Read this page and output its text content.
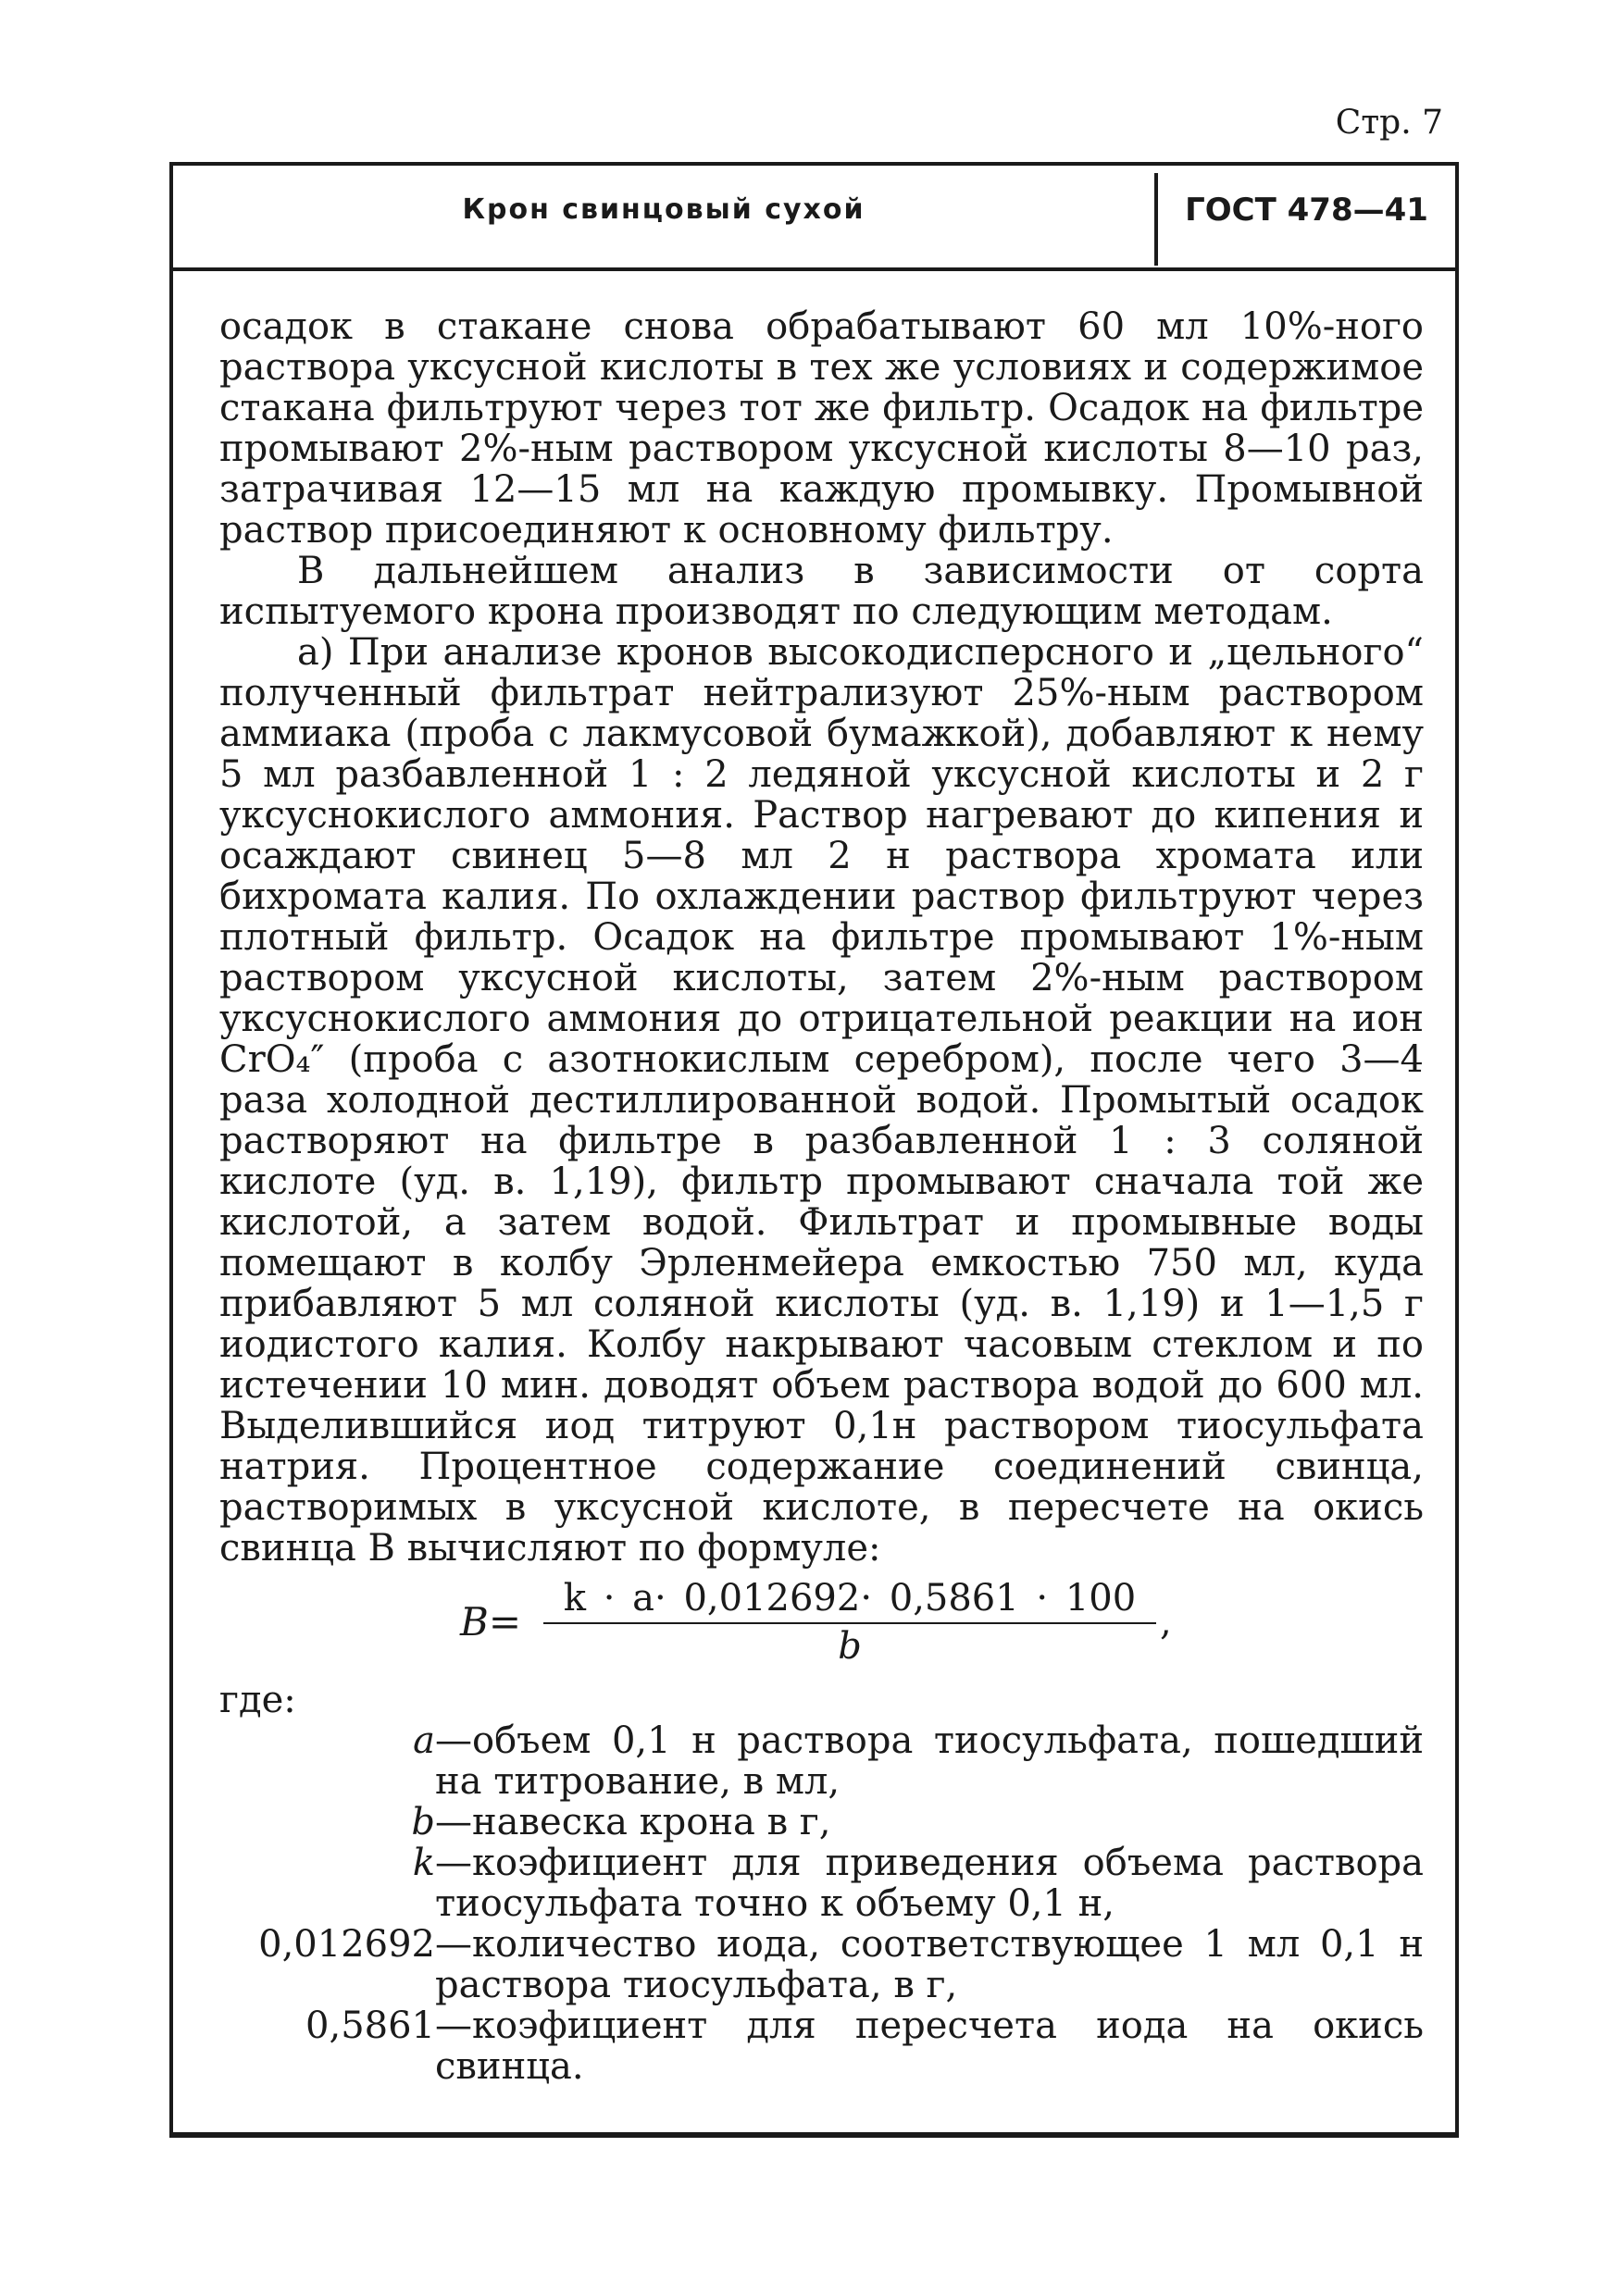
Стр. 7
Крон свинцовый сухой	ГОСТ 478—41

осадок в стакане снова обрабатывают 60 мл 10%-ного раствора уксусной кислоты в тех же условиях и содержимое стакана фильтруют через тот же фильтр. Осадок на фильтре промывают 2%-ным раствором уксусной кислоты 8—10 раз, затрачивая 12—15 мл на каждую промывку. Промывной раствор присоединяют к основному фильтру.

В дальнейшем анализ в зависимости от сорта испытуемого крона производят по следующим методам.

а) При анализе кронов высокодисперсного и „цельного“ полученный фильтрат нейтрализуют 25%-ным раствором аммиака (проба с лакмусовой бумажкой), добавляют к нему 5 мл разбавленной 1 : 2 ледяной уксусной кислоты и 2 г уксуснокислого аммония. Раствор нагревают до кипения и осаждают свинец 5—8 мл 2 н раствора хромата или бихромата калия. По охлаждении раствор фильтруют через плотный фильтр. Осадок на фильтре промывают 1%-ным раствором уксусной кислоты, затем 2%-ным раствором уксуснокислого аммония до отрицательной реакции на ион CrO₄″ (проба с азотнокислым серебром), после чего 3—4 раза холодной дестиллированной водой. Промытый осадок растворяют на фильтре в разбавленной 1 : 3 соляной кислоте (уд. в. 1,19), фильтр промывают сначала той же кислотой, а затем водой. Фильтрат и промывные воды помещают в колбу Эрленмейера емкостью 750 мл, куда прибавляют 5 мл соляной кислоты (уд. в. 1,19) и 1—1,5 г иодистого калия. Колбу накрывают часовым стеклом и по истечении 10 мин. доводят объем раствора водой до 600 мл. Выделившийся иод титруют 0,1н раствором тиосульфата натрия. Процентное содержание соединений свинца, растворимых в уксусной кислоте, в пересчете на окись свинца B вычисляют по формуле:

B=
k · a· 0,012692· 0,5861 · 100
b
,
где:
a —объем 0,1 н раствора тиосульфата, пошедший на титрование, в мл,
b —навеска крона в г,
k —коэфициент для приведения объема раствора тиосульфата точно к объему 0,1 н,
0,012692 —количество иода, соответствующее 1 мл 0,1 н раствора тиосульфата, в г,
0,5861 —коэфициент для пересчета иода на окись свинца.
